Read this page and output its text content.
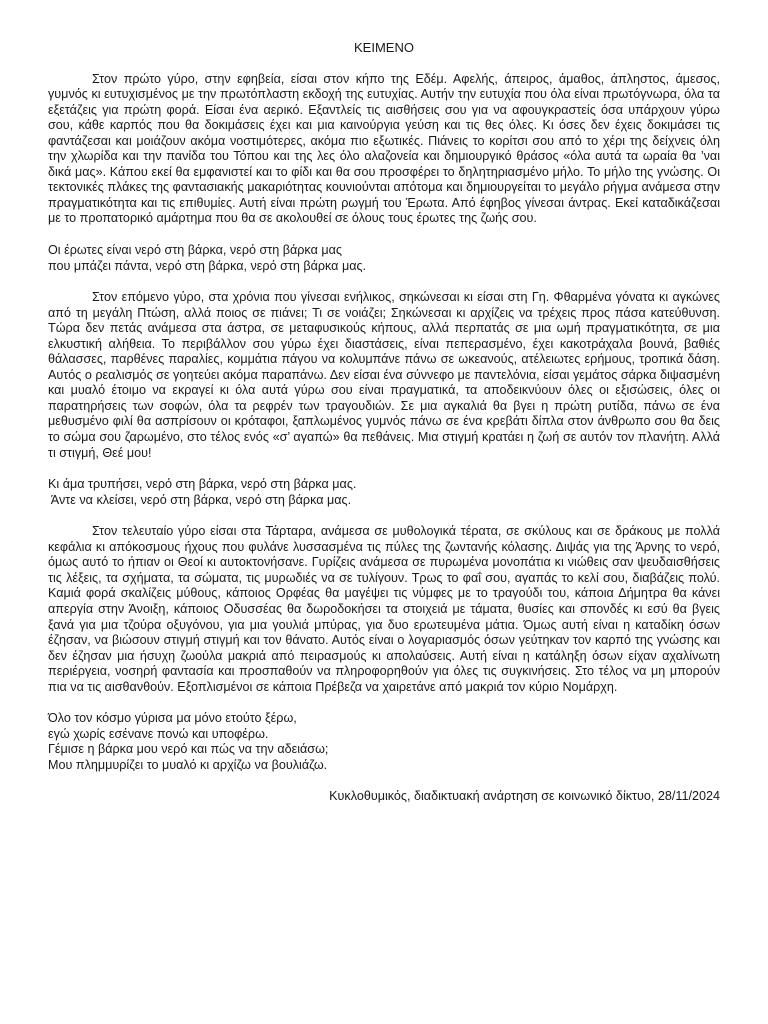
ΚΕΙΜΕΝΟ

Στον πρώτο γύρο, στην εφηβεία, είσαι στον κήπο της Εδέμ. Αφελής, άπειρος, άμαθος, άπληστος, άμεσος, γυμνός κι ευτυχισμένος με την πρωτόπλαστη εκδοχή της ευτυχίας. Αυτήν την ευτυχία που όλα είναι πρωτόγνωρα, όλα τα εξετάζεις για πρώτη φορά. Είσαι ένα αερικό. Εξαντλείς τις αισθήσεις σου για να αφουγκραστείς όσα υπάρχουν γύρω σου, κάθε καρπός που θα δοκιμάσεις έχει και μια καινούργια γεύση και τις θες όλες. Κι όσες δεν έχεις δοκιμάσει τις φαντάζεσαι και μοιάζουν ακόμα νοστιμότερες, ακόμα πιο εξωτικές. Πιάνεις το κορίτσι σου από το χέρι της δείχνεις όλη την χλωρίδα και την πανίδα του Τόπου και της λες όλο αλαζονεία και δημιουργικό θράσος «όλα αυτά τα ωραία θα ’ναι δικά μας». Κάπου εκεί θα εμφανιστεί και το φίδι και θα σου προσφέρει το δηλητηριασμένο μήλο. Το μήλο της γνώσης. Οι τεκτονικές πλάκες της φαντασιακής μακαριότητας κουνιούνται απότομα και δημιουργείται το μεγάλο ρήγμα ανάμεσα στην πραγματικότητα και τις επιθυμίες. Αυτή είναι πρώτη ρωγμή του Έρωτα. Από έφηβος γίνεσαι άντρας. Εκεί καταδικάζεσαι με το προπατορικό αμάρτημα που θα σε ακολουθεί σε όλους τους έρωτες της ζωής σου.

Οι έρωτες είναι νερό στη βάρκα, νερό στη βάρκα μας
που μπάζει πάντα, νερό στη βάρκα, νερό στη βάρκα μας.

Στον επόμενο γύρο, στα χρόνια που γίνεσαι ενήλικος, σηκώνεσαι κι είσαι στη Γη. Φθαρμένα γόνατα κι αγκώνες από τη μεγάλη Πτώση, αλλά ποιος σε πιάνει; Τι σε νοιάζει; Σηκώνεσαι κι αρχίζεις να τρέχεις προς πάσα κατεύθυνση. Τώρα δεν πετάς ανάμεσα στα άστρα, σε μεταφυσικούς κήπους, αλλά περπατάς σε μια ωμή πραγματικότητα, σε μια ελκυστική αλήθεια. Το περιβάλλον σου γύρω έχει διαστάσεις, είναι πεπερασμένο, έχει κακοτράχαλα βουνά, βαθιές θάλασσες, παρθένες παραλίες, κομμάτια πάγου να κολυμπάνε πάνω σε ωκεανούς, ατέλειωτες ερήμους, τροπικά δάση. Αυτός ο ρεαλισμός σε γοητεύει ακόμα παραπάνω. Δεν είσαι ένα σύννεφο με παντελόνια, είσαι γεμάτος σάρκα διψασμένη και μυαλό έτοιμο να εκραγεί κι όλα αυτά γύρω σου είναι πραγματικά, τα αποδεικνύουν όλες οι εξισώσεις, όλες οι παρατηρήσεις των σοφών, όλα τα ρεφρέν των τραγουδιών. Σε μια αγκαλιά θα βγει η πρώτη ρυτίδα, πάνω σε ένα μεθυσμένο φιλί θα ασπρίσουν οι κρόταφοι, ξαπλωμένος γυμνός πάνω σε ένα κρεβάτι δίπλα στον άνθρωπο σου θα δεις το σώμα σου ζαρωμένο, στο τέλος ενός «σ’ αγαπώ» θα πεθάνεις. Μια στιγμή κρατάει η ζωή σε αυτόν τον πλανήτη. Αλλά τι στιγμή, Θεέ μου!

Κι άμα τρυπήσει, νερό στη βάρκα, νερό στη βάρκα μας.
Άντε να κλείσει, νερό στη βάρκα, νερό στη βάρκα μας.

Στον τελευταίο γύρο είσαι στα Τάρταρα, ανάμεσα σε μυθολογικά τέρατα, σε σκύλους και σε δράκους με πολλά κεφάλια κι απόκοσμους ήχους που φυλάνε λυσσασμένα τις πύλες της ζωντανής κόλασης. Διψάς για της Άρνης το νερό, όμως αυτό το ήπιαν οι Θεοί κι αυτοκτονήσανε. Γυρίζεις ανάμεσα σε πυρωμένα μονοπάτια κι νιώθεις σαν ψευδαισθήσεις τις λέξεις, τα σχήματα, τα σώματα, τις μυρωδιές να σε τυλίγουν. Τρως το φαΐ σου, αγαπάς το κελί σου, διαβάζεις πολύ. Καμιά φορά σκαλίζεις μύθους, κάποιος Ορφέας θα μαγέψει τις νύμφες με το τραγούδι του, κάποια Δήμητρα θα κάνει απεργία στην Άνοιξη, κάποιος Οδυσσέας θα δωροδοκήσει τα στοιχειά με τάματα, θυσίες και σπονδές κι εσύ θα βγεις ξανά για μια τζούρα οξυγόνου, για μια γουλιά μπύρας, για δυο ερωτευμένα μάτια. Όμως αυτή είναι η καταδίκη όσων έζησαν, να βιώσουν στιγμή στιγμή και τον θάνατο. Αυτός είναι ο λογαριασμός όσων γεύτηκαν τον καρπό της γνώσης και δεν έζησαν μια ήσυχη ζωούλα μακριά από πειρασμούς κι απολαύσεις. Αυτή είναι η κατάληξη όσων είχαν αχαλίνωτη περιέργεια, νοσηρή φαντασία και προσπαθούν να πληροφορηθούν για όλες τις συγκινήσεις. Στο τέλος να μη μπορούν πια να τις αισθανθούν. Εξοπλισμένοι σε κάποια Πρέβεζα να χαιρετάνε από μακριά τον κύριο Νομάρχη.

Όλο τον κόσμο γύρισα μα μόνο ετούτο ξέρω,
εγώ χωρίς εσένανε πονώ και υποφέρω.
Γέμισε η βάρκα μου νερό και πώς να την αδειάσω;
Μου πλημμυρίζει το μυαλό κι αρχίζω να βουλιάζω.

Κυκλοθυμικός, διαδικτυακή ανάρτηση σε κοινωνικό δίκτυο, 28/11/2024
